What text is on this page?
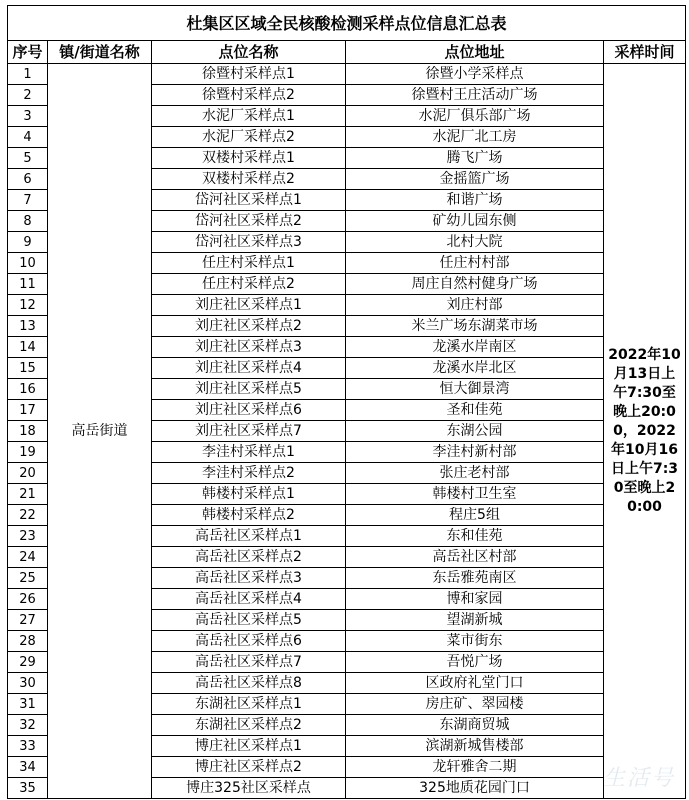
杜集区区域全民核酸检测采样点位信息汇总表				
序号	镇/街道名称	点位名称	点位地址	采样时间
1	高岳街道	徐暨村采样点1	徐暨小学采样点	2022年10月13日上午7:30至晚上20:00，2022年10月16日上午7:30至晚上20:00
2		徐暨村采样点2	徐暨村王庄活动广场	
3		水泥厂采样点1	水泥厂俱乐部广场	
4		水泥厂采样点2	水泥厂北工房	
5		双楼村采样点1	腾飞广场	
6		双楼村采样点2	金摇篮广场	
7		岱河社区采样点1	和谐广场	
8		岱河社区采样点2	矿幼儿园东侧	
9		岱河社区采样点3	北村大院	
10		任庄村采样点1	任庄村村部	
11		任庄村采样点2	周庄自然村健身广场	
12		刘庄社区采样点1	刘庄村部	
13		刘庄社区采样点2	米兰广场东湖菜市场	
14		刘庄社区采样点3	龙溪水岸南区	
15		刘庄社区采样点4	龙溪水岸北区	
16		刘庄社区采样点5	恒大御景湾	
17		刘庄社区采样点6	圣和佳苑	
18		刘庄社区采样点7	东湖公园	
19		李洼村采样点1	李洼村新村部	
20		李洼村采样点2	张庄老村部	
21		韩楼村采样点1	韩楼村卫生室	
22		韩楼村采样点2	程庄5组	
23		高岳社区采样点1	东和佳苑	
24		高岳社区采样点2	高岳社区村部	
25		高岳社区采样点3	东岳雅苑南区	
26		高岳社区采样点4	博和家园	
27		高岳社区采样点5	望湖新城	
28		高岳社区采样点6	菜市街东	
29		高岳社区采样点7	吾悦广场	
30		高岳社区采样点8	区政府礼堂门口	
31		东湖社区采样点1	房庄矿、翠园楼	
32		东湖社区采样点2	东湖商贸城	
33		博庄社区采样点1	滨湖新城售楼部	
34		博庄社区采样点2	龙轩雅舍二期	
35		博庄325社区采样点	325地质花园门口		生活号
